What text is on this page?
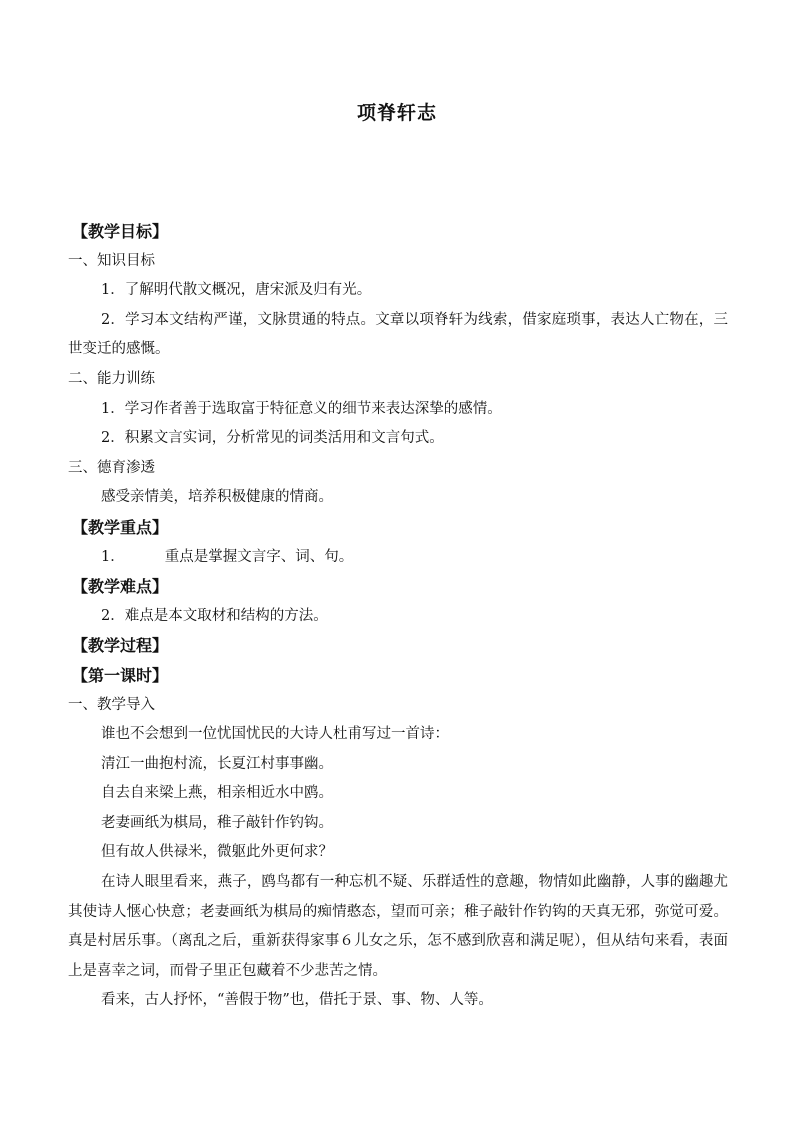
项脊轩志
【教学目标】
一、知识目标
1．了解明代散文概况，唐宋派及归有光。
2．学习本文结构严谨，文脉贯通的特点。文章以项脊轩为线索，借家庭琐事，表达人亡物在，三世变迁的感慨。
二、能力训练
1．学习作者善于选取富于特征意义的细节来表达深挚的感情。
2．积累文言实词，分析常见的词类活用和文言句式。
三、德育渗透
感受亲情美，培养积极健康的情商。
【教学重点】
1．	重点是掌握文言字、词、句。
【教学难点】
2．难点是本文取材和结构的方法。
【教学过程】
【第一课时】
一、教学导入
谁也不会想到一位忧国忧民的大诗人杜甫写过一首诗：
清江一曲抱村流，长夏江村事事幽。
自去自来梁上燕，相亲相近水中鸥。
老妻画纸为棋局，稚子敲针作钓钩。
但有故人供禄米，微躯此外更何求？
在诗人眼里看来，燕子，鸥鸟都有一种忘机不疑、乐群适性的意趣，物情如此幽静，人事的幽趣尤其使诗人惬心快意；老妻画纸为棋局的痴情憨态，望而可亲；稚子敲针作钓钩的天真无邪，弥觉可爱。真是村居乐事。（离乱之后，重新获得家事６儿女之乐，怎不感到欣喜和满足呢），但从结句来看，表面上是喜幸之词，而骨子里正包藏着不少悲苦之情。
看来，古人抒怀，“善假于物”也，借托于景、事、物、人等。
